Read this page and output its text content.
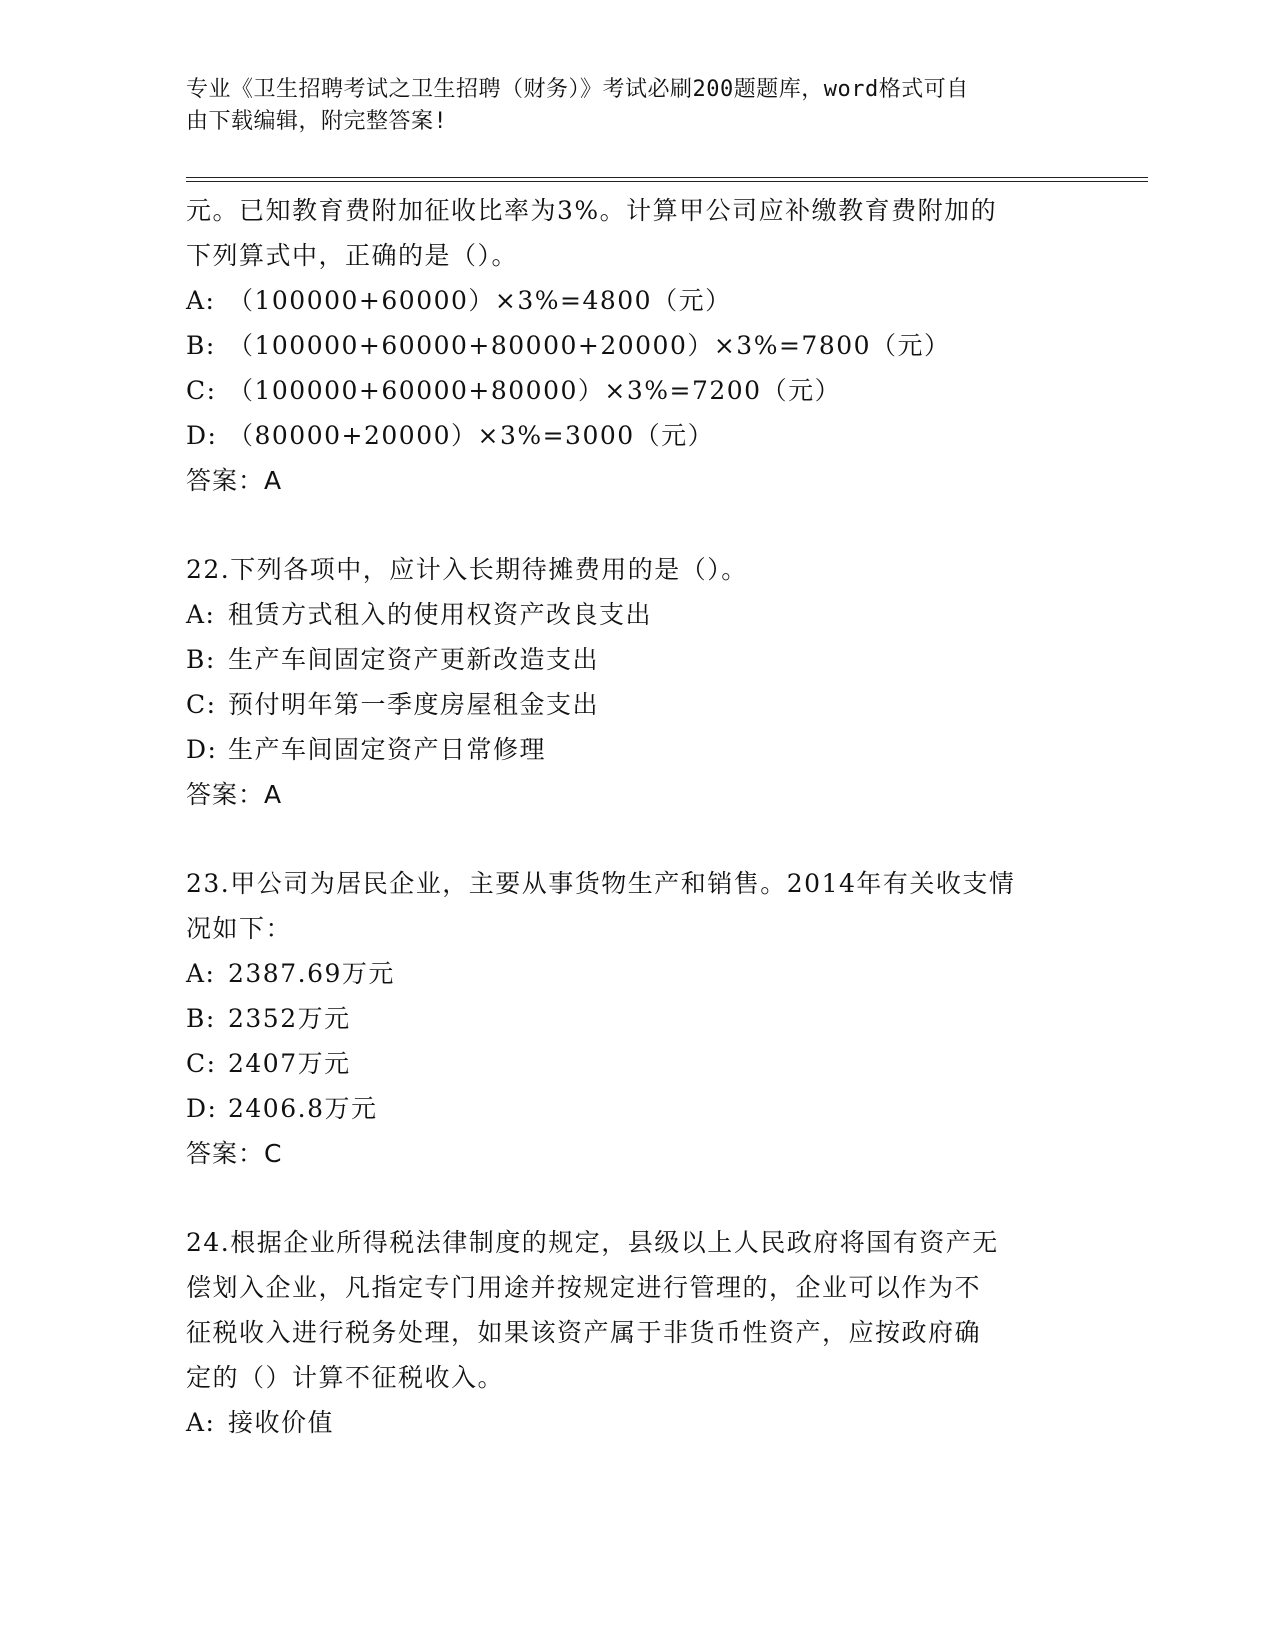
专业《卫生招聘考试之卫生招聘（财务）》考试必刷200题题库，word格式可自
由下载编辑，附完整答案!
元。已知教育费附加征收比率为3%。计算甲公司应补缴教育费附加的
下列算式中，正确的是（）。
A: （100000+60000）×3%=4800（元）
B: （100000+60000+80000+20000）×3%=7800（元）
C: （100000+60000+80000）×3%=7200（元）
D: （80000+20000）×3%=3000（元）
答案：A
22.下列各项中，应计入长期待摊费用的是（）。
A: 租赁方式租入的使用权资产改良支出
B: 生产车间固定资产更新改造支出
C: 预付明年第一季度房屋租金支出
D: 生产车间固定资产日常修理
答案：A
23.甲公司为居民企业，主要从事货物生产和销售。2014年有关收支情
况如下：
A: 2387.69万元
B: 2352万元
C: 2407万元
D: 2406.8万元
答案：C
24.根据企业所得税法律制度的规定，县级以上人民政府将国有资产无
偿划入企业，凡指定专门用途并按规定进行管理的，企业可以作为不
征税收入进行税务处理，如果该资产属于非货币性资产，应按政府确
定的（）计算不征税收入。
A: 接收价值
